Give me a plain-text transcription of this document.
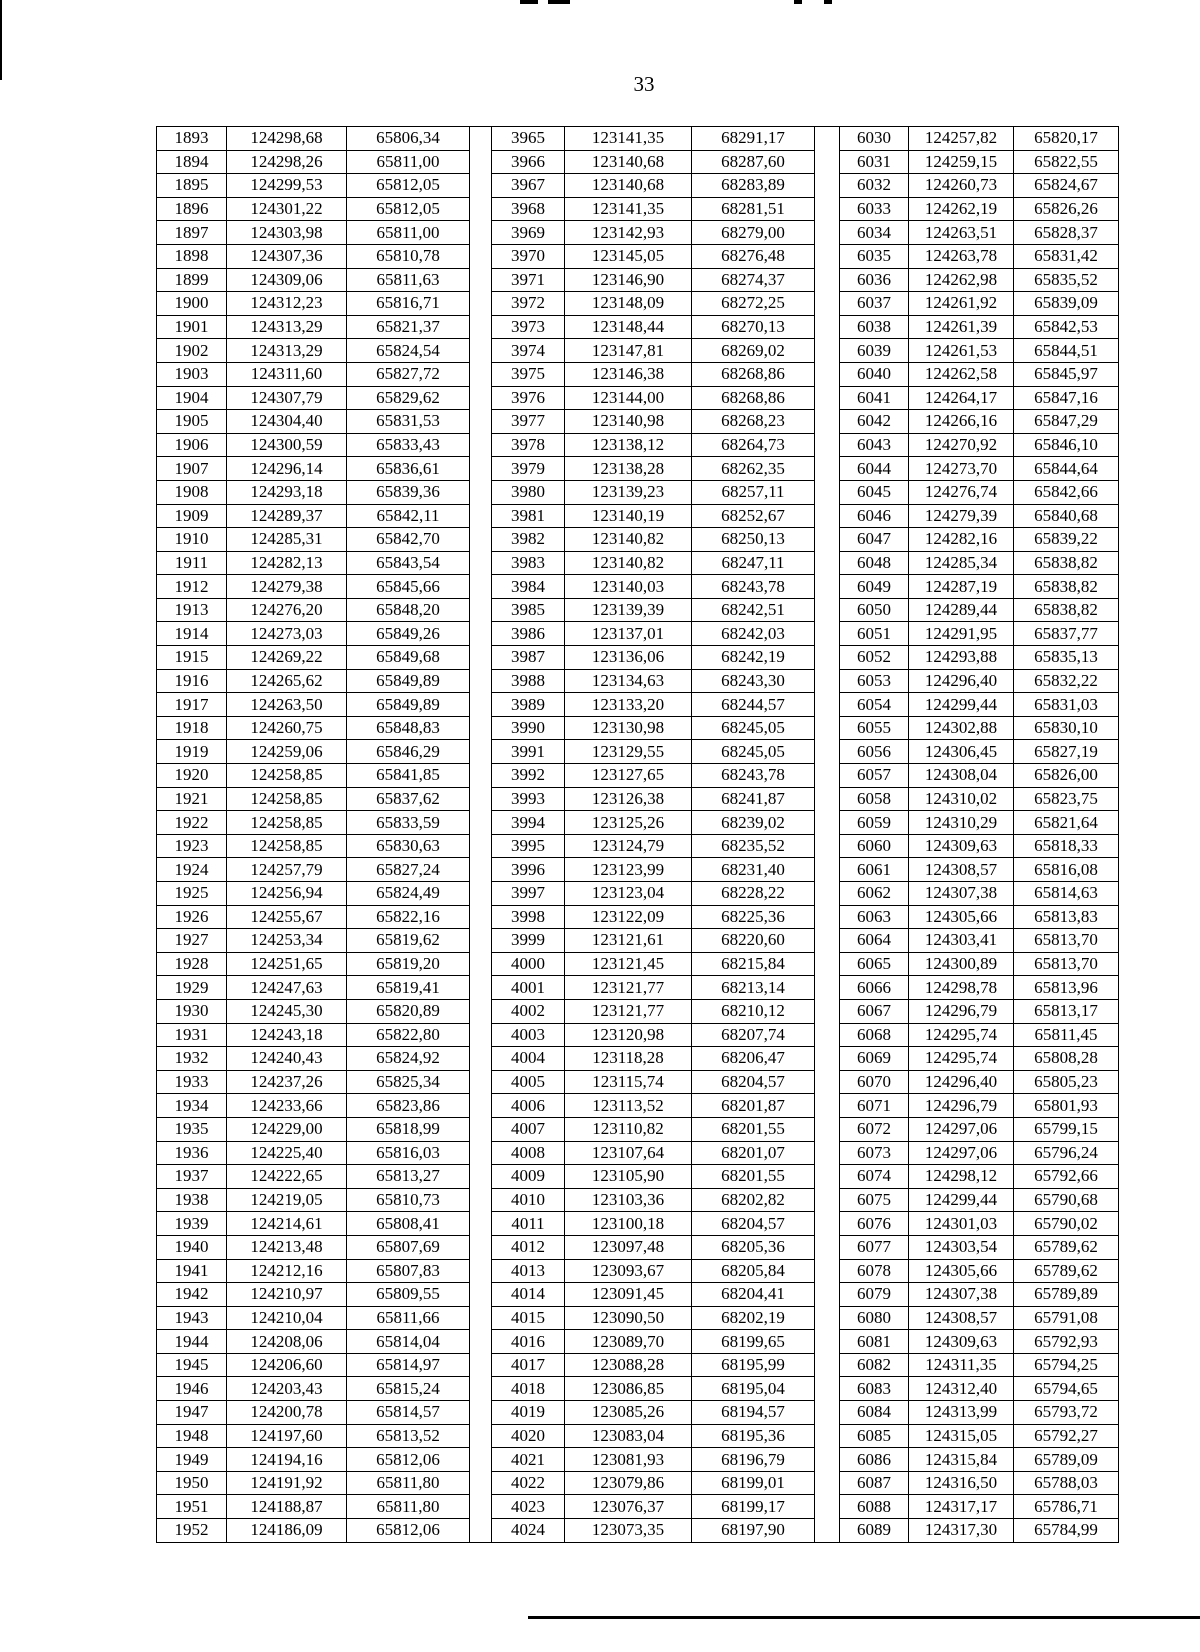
33
1893	124298,68	65806,34		3965	123141,35	68291,17		6030	124257,82	65820,17
1894	124298,26	65811,00		3966	123140,68	68287,60		6031	124259,15	65822,55
1895	124299,53	65812,05		3967	123140,68	68283,89		6032	124260,73	65824,67
1896	124301,22	65812,05		3968	123141,35	68281,51		6033	124262,19	65826,26
1897	124303,98	65811,00		3969	123142,93	68279,00		6034	124263,51	65828,37
1898	124307,36	65810,78		3970	123145,05	68276,48		6035	124263,78	65831,42
1899	124309,06	65811,63		3971	123146,90	68274,37		6036	124262,98	65835,52
1900	124312,23	65816,71		3972	123148,09	68272,25		6037	124261,92	65839,09
1901	124313,29	65821,37		3973	123148,44	68270,13		6038	124261,39	65842,53
1902	124313,29	65824,54		3974	123147,81	68269,02		6039	124261,53	65844,51
1903	124311,60	65827,72		3975	123146,38	68268,86		6040	124262,58	65845,97
1904	124307,79	65829,62		3976	123144,00	68268,86		6041	124264,17	65847,16
1905	124304,40	65831,53		3977	123140,98	68268,23		6042	124266,16	65847,29
1906	124300,59	65833,43		3978	123138,12	68264,73		6043	124270,92	65846,10
1907	124296,14	65836,61		3979	123138,28	68262,35		6044	124273,70	65844,64
1908	124293,18	65839,36		3980	123139,23	68257,11		6045	124276,74	65842,66
1909	124289,37	65842,11		3981	123140,19	68252,67		6046	124279,39	65840,68
1910	124285,31	65842,70		3982	123140,82	68250,13		6047	124282,16	65839,22
1911	124282,13	65843,54		3983	123140,82	68247,11		6048	124285,34	65838,82
1912	124279,38	65845,66		3984	123140,03	68243,78		6049	124287,19	65838,82
1913	124276,20	65848,20		3985	123139,39	68242,51		6050	124289,44	65838,82
1914	124273,03	65849,26		3986	123137,01	68242,03		6051	124291,95	65837,77
1915	124269,22	65849,68		3987	123136,06	68242,19		6052	124293,88	65835,13
1916	124265,62	65849,89		3988	123134,63	68243,30		6053	124296,40	65832,22
1917	124263,50	65849,89		3989	123133,20	68244,57		6054	124299,44	65831,03
1918	124260,75	65848,83		3990	123130,98	68245,05		6055	124302,88	65830,10
1919	124259,06	65846,29		3991	123129,55	68245,05		6056	124306,45	65827,19
1920	124258,85	65841,85		3992	123127,65	68243,78		6057	124308,04	65826,00
1921	124258,85	65837,62		3993	123126,38	68241,87		6058	124310,02	65823,75
1922	124258,85	65833,59		3994	123125,26	68239,02		6059	124310,29	65821,64
1923	124258,85	65830,63		3995	123124,79	68235,52		6060	124309,63	65818,33
1924	124257,79	65827,24		3996	123123,99	68231,40		6061	124308,57	65816,08
1925	124256,94	65824,49		3997	123123,04	68228,22		6062	124307,38	65814,63
1926	124255,67	65822,16		3998	123122,09	68225,36		6063	124305,66	65813,83
1927	124253,34	65819,62		3999	123121,61	68220,60		6064	124303,41	65813,70
1928	124251,65	65819,20		4000	123121,45	68215,84		6065	124300,89	65813,70
1929	124247,63	65819,41		4001	123121,77	68213,14		6066	124298,78	65813,96
1930	124245,30	65820,89		4002	123121,77	68210,12		6067	124296,79	65813,17
1931	124243,18	65822,80		4003	123120,98	68207,74		6068	124295,74	65811,45
1932	124240,43	65824,92		4004	123118,28	68206,47		6069	124295,74	65808,28
1933	124237,26	65825,34		4005	123115,74	68204,57		6070	124296,40	65805,23
1934	124233,66	65823,86		4006	123113,52	68201,87		6071	124296,79	65801,93
1935	124229,00	65818,99		4007	123110,82	68201,55		6072	124297,06	65799,15
1936	124225,40	65816,03		4008	123107,64	68201,07		6073	124297,06	65796,24
1937	124222,65	65813,27		4009	123105,90	68201,55		6074	124298,12	65792,66
1938	124219,05	65810,73		4010	123103,36	68202,82		6075	124299,44	65790,68
1939	124214,61	65808,41		4011	123100,18	68204,57		6076	124301,03	65790,02
1940	124213,48	65807,69		4012	123097,48	68205,36		6077	124303,54	65789,62
1941	124212,16	65807,83		4013	123093,67	68205,84		6078	124305,66	65789,62
1942	124210,97	65809,55		4014	123091,45	68204,41		6079	124307,38	65789,89
1943	124210,04	65811,66		4015	123090,50	68202,19		6080	124308,57	65791,08
1944	124208,06	65814,04		4016	123089,70	68199,65		6081	124309,63	65792,93
1945	124206,60	65814,97		4017	123088,28	68195,99		6082	124311,35	65794,25
1946	124203,43	65815,24		4018	123086,85	68195,04		6083	124312,40	65794,65
1947	124200,78	65814,57		4019	123085,26	68194,57		6084	124313,99	65793,72
1948	124197,60	65813,52		4020	123083,04	68195,36		6085	124315,05	65792,27
1949	124194,16	65812,06		4021	123081,93	68196,79		6086	124315,84	65789,09
1950	124191,92	65811,80		4022	123079,86	68199,01		6087	124316,50	65788,03
1951	124188,87	65811,80		4023	123076,37	68199,17		6088	124317,17	65786,71
1952	124186,09	65812,06		4024	123073,35	68197,90		6089	124317,30	65784,99
